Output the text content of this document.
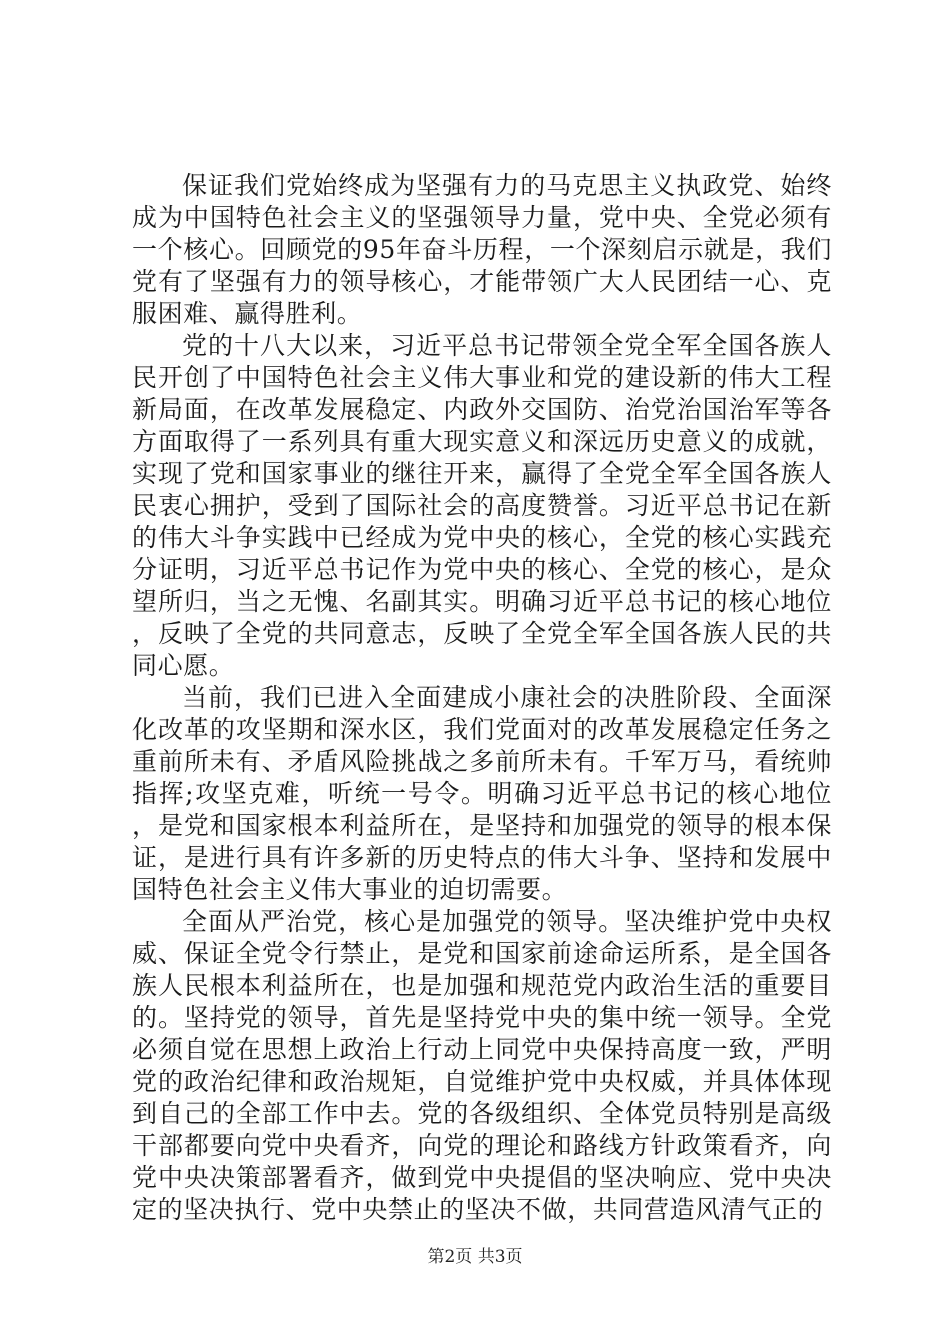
保证我们党始终成为坚强有力的马克思主义执政党、始终成为中国特色社会主义的坚强领导力量，党中央、全党必须有一个核心。回顾党的95年奋斗历程，一个深刻启示就是，我们党有了坚强有力的领导核心，才能带领广大人民团结一心、克服困难、赢得胜利。

党的十八大以来，习近平总书记带领全党全军全国各族人民开创了中国特色社会主义伟大事业和党的建设新的伟大工程新局面，在改革发展稳定、内政外交国防、治党治国治军等各方面取得了一系列具有重大现实意义和深远历史意义的成就，实现了党和国家事业的继往开来，赢得了全党全军全国各族人民衷心拥护，受到了国际社会的高度赞誉。习近平总书记在新的伟大斗争实践中已经成为党中央的核心，全党的核心实践充分证明，习近平总书记作为党中央的核心、全党的核心，是众望所归，当之无愧、名副其实。明确习近平总书记的核心地位，反映了全党的共同意志，反映了全党全军全国各族人民的共同心愿。

当前，我们已进入全面建成小康社会的决胜阶段、全面深化改革的攻坚期和深水区，我们党面对的改革发展稳定任务之重前所未有、矛盾风险挑战之多前所未有。千军万马，看统帅指挥;攻坚克难，听统一号令。明确习近平总书记的核心地位，是党和国家根本利益所在，是坚持和加强党的领导的根本保证，是进行具有许多新的历史特点的伟大斗争、坚持和发展中国特色社会主义伟大事业的迫切需要。

全面从严治党，核心是加强党的领导。坚决维护党中央权威、保证全党令行禁止，是党和国家前途命运所系，是全国各族人民根本利益所在，也是加强和规范党内政治生活的重要目的。坚持党的领导，首先是坚持党中央的集中统一领导。全党必须自觉在思想上政治上行动上同党中央保持高度一致，严明党的政治纪律和政治规矩，自觉维护党中央权威，并具体体现到自己的全部工作中去。党的各级组织、全体党员特别是高级干部都要向党中央看齐，向党的理论和路线方针政策看齐，向党中央决策部署看齐，做到党中央提倡的坚决响应、党中央决定的坚决执行、党中央禁止的坚决不做，共同营造风清气正的

第2页 共3页
